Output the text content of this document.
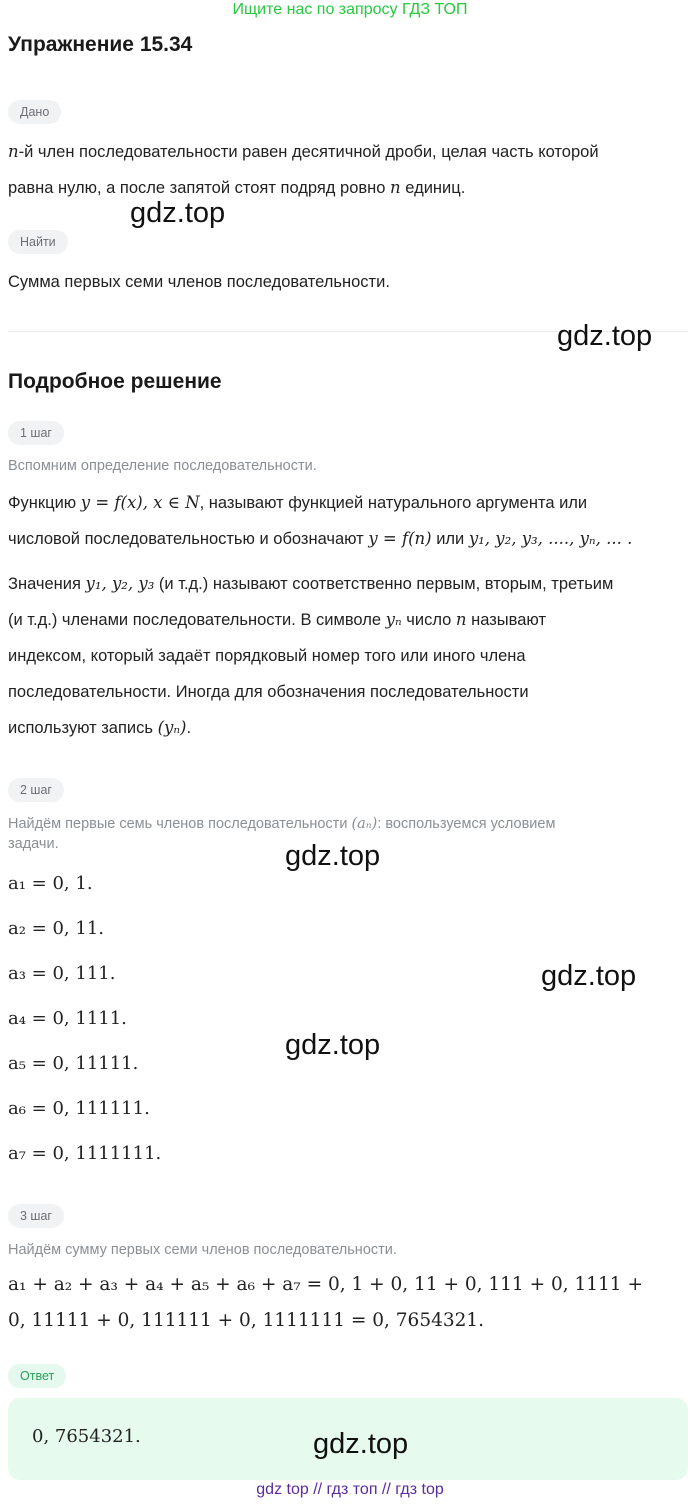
Ищите нас по запросу ГДЗ ТОП
Упражнение 15.34
Дано
n-й член последовательности равен десятичной дроби, целая часть которой
равна нулю, а после запятой стоят подряд ровно n единиц.
gdz.top
Найти
Сумма первых семи членов последовательности.
gdz.top
Подробное решение
1 шаг
Вспомним определение последовательности.
Функцию y = f(x), x ∈ N, называют функцией натурального аргумента или
числовой последовательностью и обозначают y = f(n) или y₁, y₂, y₃, ...., yₙ, ... .
Значения y₁, y₂, y₃ (и т.д.) называют соответственно первым, вторым, третьим
(и т.д.) членами последовательности. В символе yₙ число n называют
индексом, который задаёт порядковый номер того или иного члена
последовательности. Иногда для обозначения последовательности
используют запись (yₙ).
2 шаг
Найдём первые семь членов последовательности (aₙ): воспользуемся условием
задачи.	gdz.top
a₁ = 0, 1.
a₂ = 0, 11.
a₃ = 0, 111.	gdz.top
a₄ = 0, 1111.
gdz.top
a₅ = 0, 11111.
a₆ = 0, 111111.
a₇ = 0, 1111111.
3 шаг
Найдём сумму первых семи членов последовательности.
a₁ + a₂ + a₃ + a₄ + a₅ + a₆ + a₇ = 0, 1 + 0, 11 + 0, 111 + 0, 1111 +
0, 11111 + 0, 111111 + 0, 1111111 = 0, 7654321.
Ответ
0, 7654321.	gdz.top
gdz top // гдз топ // гдз top
